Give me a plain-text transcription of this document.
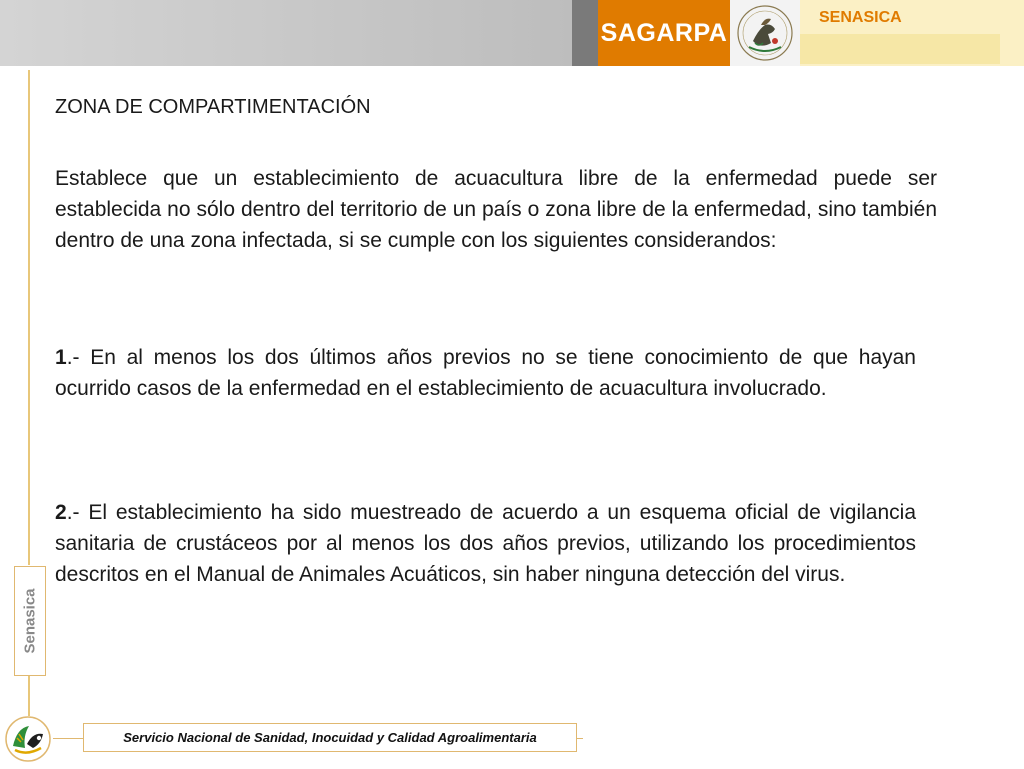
SAGARPA
SENASICA
Senasica
ZONA DE COMPARTIMENTACIÓN

Establece que un establecimiento de acuacultura libre de la enfermedad puede ser establecida no sólo dentro del territorio de un país o zona libre de la enfermedad, sino también dentro de una zona infectada, si se cumple con los siguientes considerandos:

1.- En al menos los dos últimos años previos no se tiene conocimiento de que hayan ocurrido casos de la enfermedad en el establecimiento de acuacultura involucrado.

2.- El establecimiento ha sido muestreado de acuerdo a un esquema oficial de vigilancia sanitaria de crustáceos por al menos los dos años previos, utilizando los procedimientos descritos en el Manual de Animales Acuáticos, sin haber ninguna detección del virus.

Servicio Nacional de Sanidad, Inocuidad y Calidad Agroalimentaria
